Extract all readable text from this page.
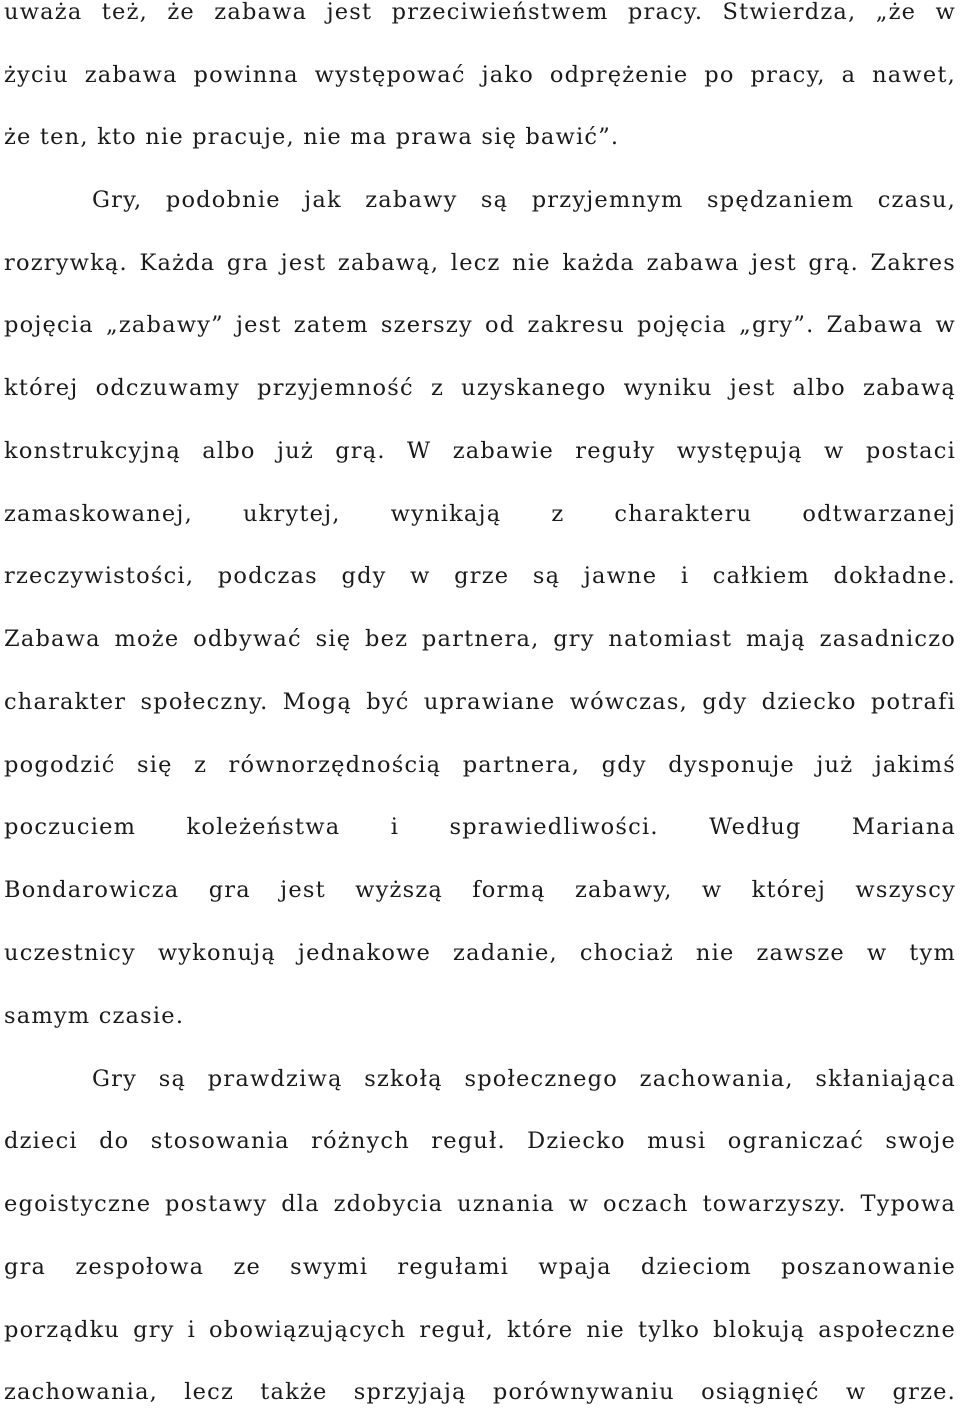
uważa też, że zabawa jest przeciwieństwem pracy. Stwierdza, „że w
życiu zabawa powinna występować jako odprężenie po pracy, a nawet,
że ten, kto nie pracuje, nie ma prawa się bawić”.
Gry, podobnie jak zabawy są przyjemnym spędzaniem czasu,
rozrywką. Każda gra jest zabawą, lecz nie każda zabawa jest grą. Zakres
pojęcia „zabawy” jest zatem szerszy od zakresu pojęcia „gry”. Zabawa w
której odczuwamy przyjemność z uzyskanego wyniku jest albo zabawą
konstrukcyjną albo już grą. W zabawie reguły występują w postaci
zamaskowanej, ukrytej, wynikają z charakteru odtwarzanej
rzeczywistości, podczas gdy w grze są jawne i całkiem dokładne.
Zabawa może odbywać się bez partnera, gry natomiast mają zasadniczo
charakter społeczny. Mogą być uprawiane wówczas, gdy dziecko potrafi
pogodzić się z równorzędnością partnera, gdy dysponuje już jakimś
poczuciem koleżeństwa i sprawiedliwości. Według Mariana
Bondarowicza gra jest wyższą formą zabawy, w której wszyscy
uczestnicy wykonują jednakowe zadanie, chociaż nie zawsze w tym
samym czasie.
Gry są prawdziwą szkołą społecznego zachowania, skłaniająca
dzieci do stosowania różnych reguł. Dziecko musi ograniczać swoje
egoistyczne postawy dla zdobycia uznania w oczach towarzyszy. Typowa
gra zespołowa ze swymi regułami wpaja dzieciom poszanowanie
porządku gry i obowiązujących reguł, które nie tylko blokują aspołeczne
zachowania, lecz także sprzyjają porównywaniu osiągnięć w grze.
